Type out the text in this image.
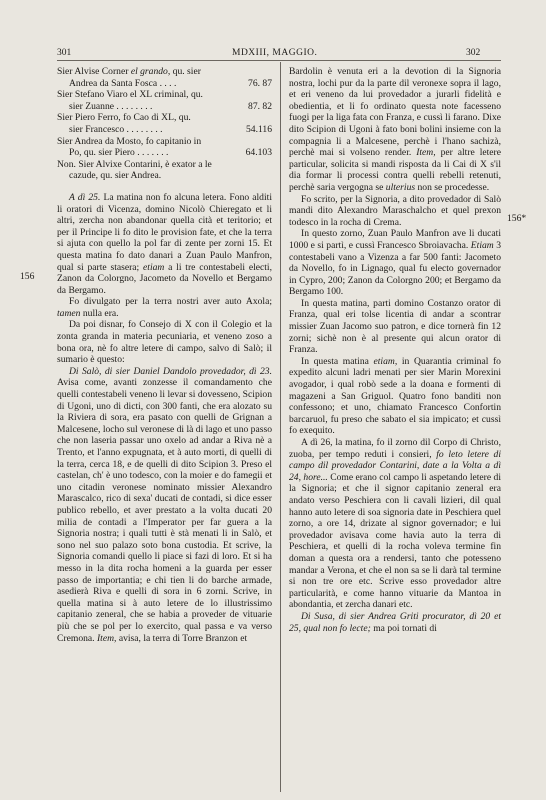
301	MDXIII, MAGGIO.	302
156
156*
Sier Alvise Corner el grando, qu. sier
Andrea da Santa Fosca . . . .	76. 87
Sier Stefano Viaro el XL criminal, qu.
sier Zuanne . . . . . . . .	87. 82
Sier Piero Ferro, fo Cao di XL, qu.
sier Francesco . . . . . . . .	54.116
Sier Andrea da Mosto, fo capitanio in
Po, qu. sier Piero . . . . . . .	64.103
Non. Sier Alvixe Contarini, è exator a le
cazude, qu. sier Andrea.

A dì 25. La matina non fo alcuna letera. Fono alditi li oratori di Vicenza, domino Nicolò Chieregato et li altri, zercha non abandonar quella cità et teritorio; et per il Principe li fo dito le provision fate, et che la terra si ajuta con quello la pol far di zente per zorni 15. Et questa matina fo dato danari a Zuan Paulo Manfron, qual si parte stasera; etiam a li tre contestabeli electi, Zanon da Colorgno, Jacometo da Novello et Bergamo da Bergamo.

Fo divulgato per la terra nostri aver auto Axola; tamen nulla era.

Da poi disnar, fo Consejo di X con il Colegio et la zonta granda in materia pecuniaria, et veneno zoso a bona ora, nè fo altre letere di campo, salvo di Salò; il sumario è questo:

Di Salò, di sier Daniel Dandolo provedador, dì 23. Avisa come, avanti zonzesse il comandamento che quelli contestabeli veneno li levar si dovesseno, Scipion di Ugoni, uno di dicti, con 300 fanti, che era alozato su la Riviera di sora, era pasato con quelli de Grignan a Malcesene, locho sul veronese di là di lago et uno passo che non laseria passar uno oxelo ad andar a Riva nè a Trento, et l'anno expugnata, et à auto morti, di quelli di la terra, cerca 18, e de quelli di dito Scipion 3. Preso el castelan, ch' è uno todesco, con la moier e do famegii et uno citadin veronese nominato missier Alexandro Marascalco, rico di sexa' ducati de contadi, si dice esser publico rebello, et aver prestato a la volta ducati 20 milia de contadi a l'Imperator per far guera a la Signoria nostra; i quali tutti è stà menati li in Salò, et sono nel suo palazo soto bona custodia. Et scrive, la Signoria comandi quello li piace si fazi di loro. Et si ha messo in la dita rocha homeni a la guarda per esser passo de importantia; e chi tien li do barche armade, asedierà Riva e quelli di sora in 6 zorni. Scrive, in quella matina si à auto letere de lo illustrissimo capitanio zeneral, che se habia a proveder de vituarie più che se pol per lo exercito, qual passa e va verso Cremona. Item, avisa, la terra di Torre Branzon et

Bardolin è venuta eri a la devotion di la Signoria nostra, lochi pur da la parte dil veronexe sopra il lago, et eri veneno da lui provedador a jurarli fidelità e obedientia, et li fo ordinato questa note facesseno fuogi per la liga fata con Franza, e cussì li farano. Dixe dito Scipion di Ugoni à fato boni bolini insieme con la compagnia li a Malcesene, perchè i l'hano sachizà, perchè mai si volseno render. Item, per altre letere particular, solicita si mandi risposta da li Cai di X s'il dia formar li processi contra quelli rebelli retenuti, perchè saria vergogna se ulterius non se procedesse.

Fo scrito, per la Signoria, a dito provedador di Salò mandi dito Alexandro Maraschalcho et quel prexon todesco in la rocha di Crema.

In questo zorno, Zuan Paulo Manfron ave li ducati 1000 e si partì, e cussì Francesco Sbroiavacha. Etiam 3 contestabeli vano a Vizenza a far 500 fanti: Jacometo da Novello, fo in Lignago, qual fu electo governador in Cypro, 200; Zanon da Colorgno 200; et Bergamo da Bergamo 100.

In questa matina, parti domino Costanzo orator di Franza, qual eri tolse licentia di andar a scontrar missier Zuan Jacomo suo patron, e dice tornerà fin 12 zorni; sichè non è al presente qui alcun orator di Franza.

In questa matina etiam, in Quarantia criminal fo expedito alcuni ladri menati per sier Marin Morexini avogador, i qual robò sede a la doana e formenti di magazeni a San Griguol. Quatro fono banditi non confessono; et uno, chiamato Francesco Confortin barcaruol, fu preso che sabato el sia impicato; et cussì fo exequito.

A dì 26, la matina, fo il zorno dil Corpo di Christo, zuoba, per tempo reduti i consieri, fo leto letere di campo dil provedador Contarini, date a la Volta a dì 24, hore... Come erano col campo li aspetando letere di la Signoria; et che il signor capitanio zeneral era andato verso Peschiera con li cavali lizieri, dil qual hanno auto letere di soa signoria date in Peschiera quel zorno, a ore 14, drizate al signor governador; e lui provedador avisava come havia auto la terra di Peschiera, et quelli di la rocha voleva termine fin doman a questa ora a rendersi, tanto che potesseno mandar a Verona, et che el non sa se li darà tal termine si non tre ore etc. Scrive esso provedador altre particularità, e come hanno vituarie da Mantoa in abondantia, et zercha danari etc.

Di Susa, di sier Andrea Griti procurator, dì 20 et 25, qual non fo lecte; ma poi tornati di
